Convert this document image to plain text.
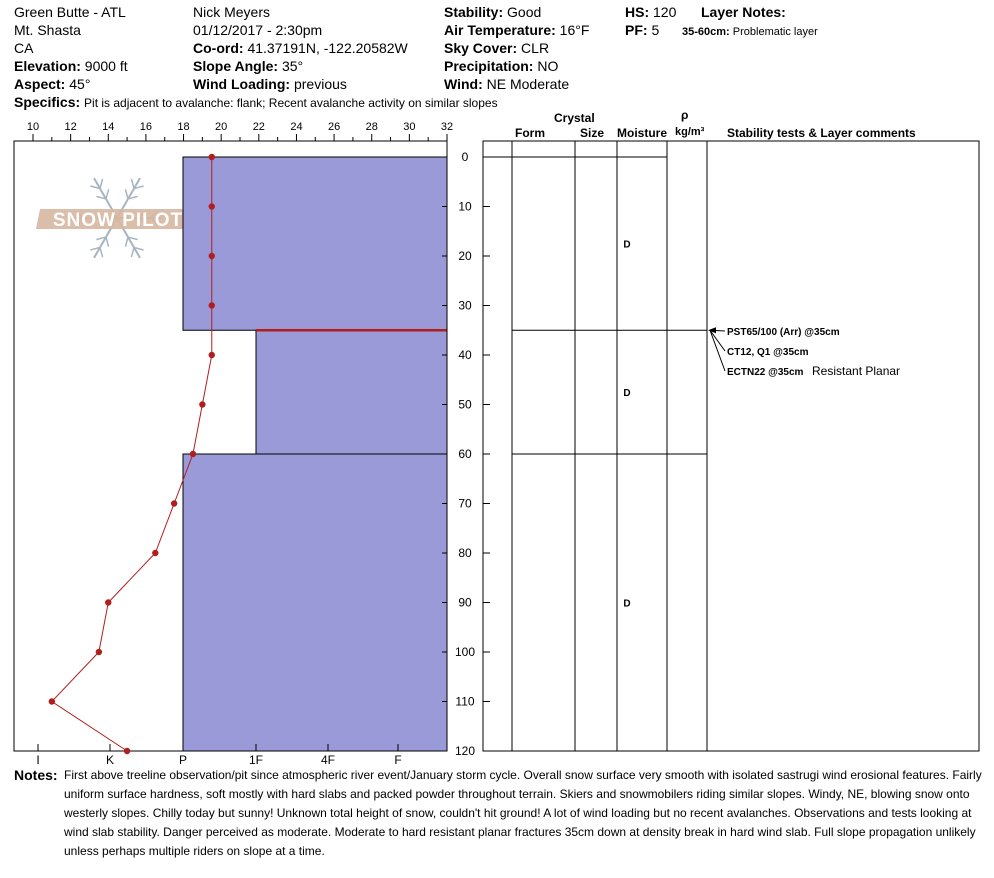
Green Butte - ATL
Mt. Shasta
CA
Elevation: 9000 ft
Aspect: 45°
Nick Meyers
01/12/2017 - 2:30pm
Co-ord: 41.37191N, -122.20582W
Slope Angle: 35°
Wind Loading: previous
Stability: Good
Air Temperature: 16°F
Sky Cover: CLR
Precipitation: NO
Wind: NE Moderate
HS: 120
PF: 5
Layer Notes:
35-60cm: Problematic layer
Specifics: Pit is adjacent to avalanche: flank; Recent avalanche activity on similar slopes
Crystal
Form	Size Moisture
ρ
kg/m³ Stability tests & Layer comments
SNOW PILOT
10 12 14 16 18 20 22 24 26 28 30 32
0
10
20
30
40
50
60
70
80
90
100
110
120
I	K	P	1F	4F	F
D
D
D
PST65/100 (Arr) @35cm
CT12, Q1 @35cm
ECTN22 @35cm Resistant Planar
Notes: First above treeline observation/pit since atmospheric river event/January storm cycle. Overall snow surface very smooth with isolated sastrugi wind erosional features. Fairly uniform surface hardness, soft mostly with hard slabs and packed powder throughout terrain. Skiers and snowmobilers riding similar slopes. Windy, NE, blowing snow onto westerly slopes. Chilly today but sunny! Unknown total height of snow, couldn't hit ground! A lot of wind loading but no recent avalanches. Observations and tests looking at wind slab stability. Danger perceived as moderate. Moderate to hard resistant planar fractures 35cm down at density break in hard wind slab. Full slope propagation unlikely unless perhaps multiple riders on slope at a time.
